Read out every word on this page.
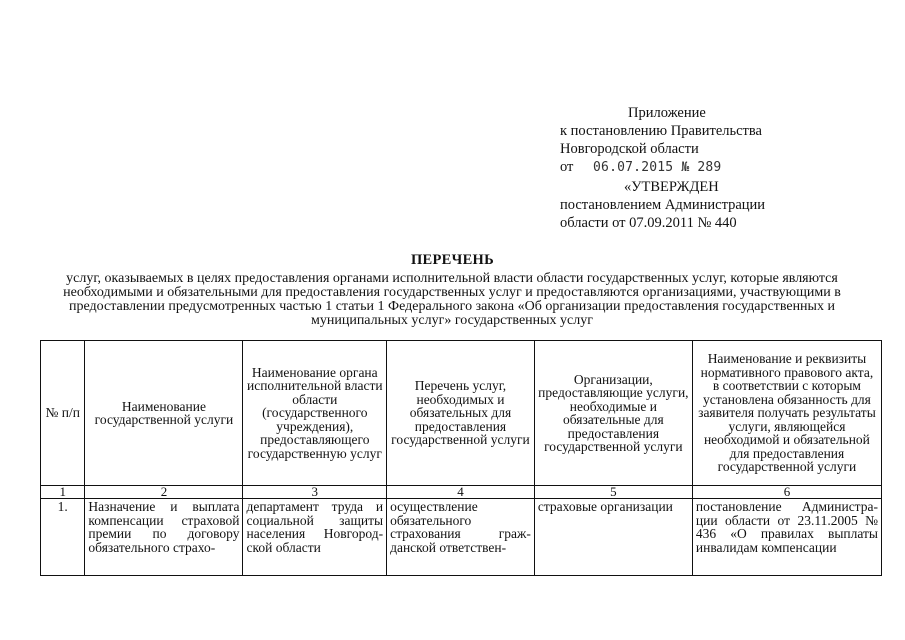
Приложение
к постановлению Правительства
Новгородской области
от 06.07.2015 № 289
«УТВЕРЖДЕН
постановлением Администрации
области от 07.09.2011 № 440
ПЕРЕЧЕНЬ
услуг, оказываемых в целях предоставления органами исполнительной власти области государственных услуг, которые являются необходимыми и обязательными для предоставления государственных услуг и предоставляются организациями, участвующими в предоставлении предусмотренных частью 1 статьи 1 Федерального закона «Об организации предоставления государственных и муниципальных услуг» государственных услуг
№ п/п	Наименование государственной услуги	Наименование органа исполнительной власти области (государственного учреждения), предоставляющего государственную услуг	Перечень услуг, необходимых и обязательных для предоставления государственной услуги	Организации, предоставляющие услуги, необходимые и обязательные для предоставления государственной услуги	Наименование и реквизиты нормативного правового акта, в соответствии с которым установлена обязанность для заявителя получать результаты услуги, являющейся необходимой и обязательной для предоставления государственной услуги
1	2	3	4	5	6
1.	Назначение и выплата компенсации страховой премии по договору обязательного страхо-	департамент труда и социальной защиты населения Новгород-ской области	осуществление обязательного страхования граж-данской ответствен-	страховые организации	постановление Администра-ции области от 23.11.2005 № 436 «О правилах выплаты инвалидам компенсации
